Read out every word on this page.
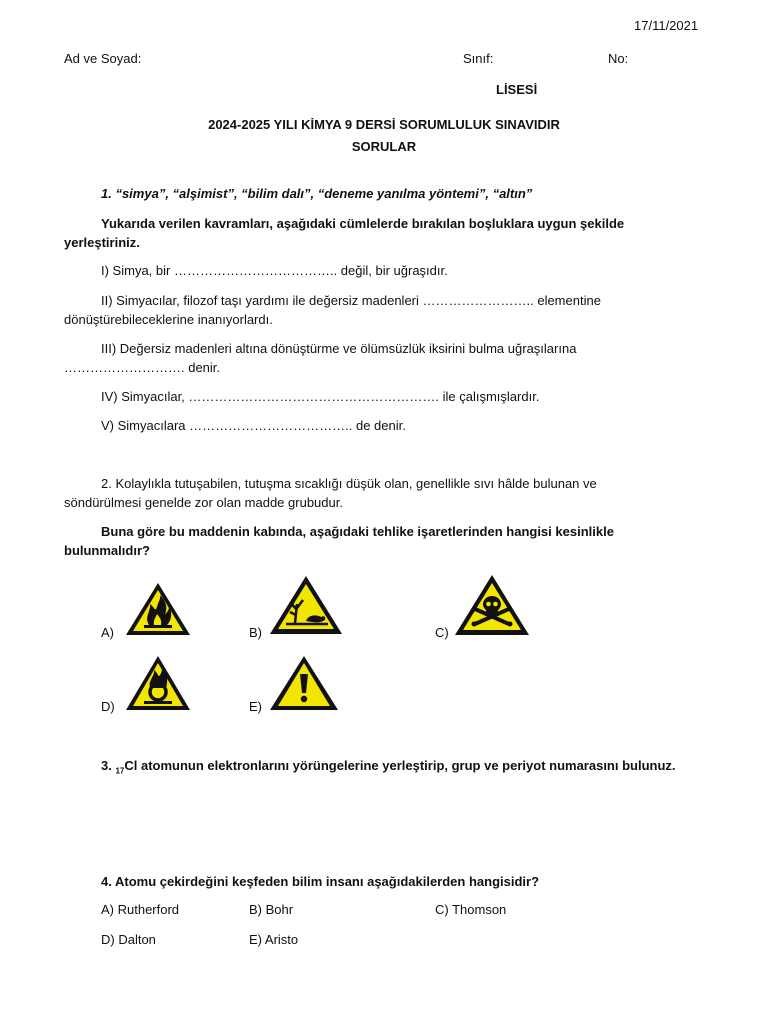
17/11/2021
Ad ve Soyad:	Sınıf:	No:
LİSESİ
2024-2025 YILI KİMYA 9 DERSİ SORUMLULUK SINAVIDIR
SORULAR
1. “simya”, “alşimist”, “bilim dalı”, “deneme yanılma yöntemi”, “altın”
Yukarıda verilen kavramları, aşağıdaki cümlelerde bırakılan boşluklara uygun şekilde
yerleştiriniz.
I) Simya, bir ……………………………….. değil, bir uğraşıdır.
II) Simyacılar, filozof taşı yardımı ile değersiz madenleri …………………….. elementine
dönüştürebileceklerine inanıyorlardı.
III) Değersiz madenleri altına dönüştürme ve ölümsüzlük iksirini bulma uğraşılarına
………………………. denir.
IV) Simyacılar, …………………………………………………. ile çalışmışlardır.
V) Simyacılara ……………………………….. de denir.
2. Kolaylıkla tutuşabilen, tutuşma sıcaklığı düşük olan, genellikle sıvı hâlde bulunan ve
söndürülmesi genelde zor olan madde grubudur.
Buna göre bu maddenin kabında, aşağıdaki tehlike işaretlerinden hangisi kesinlikle
bulunmalıdır?
A)	B)	C)
D)	E)
3. $_{17}$Cl atomunun elektronlarını yörüngelerine yerleştirip, grup ve periyot numarasını bulunuz.
4. Atomu çekirdeğini keşfeden bilim insanı aşağıdakilerden hangisidir?
A) Rutherford	B) Bohr	C) Thomson
D) Dalton	E) Aristo
